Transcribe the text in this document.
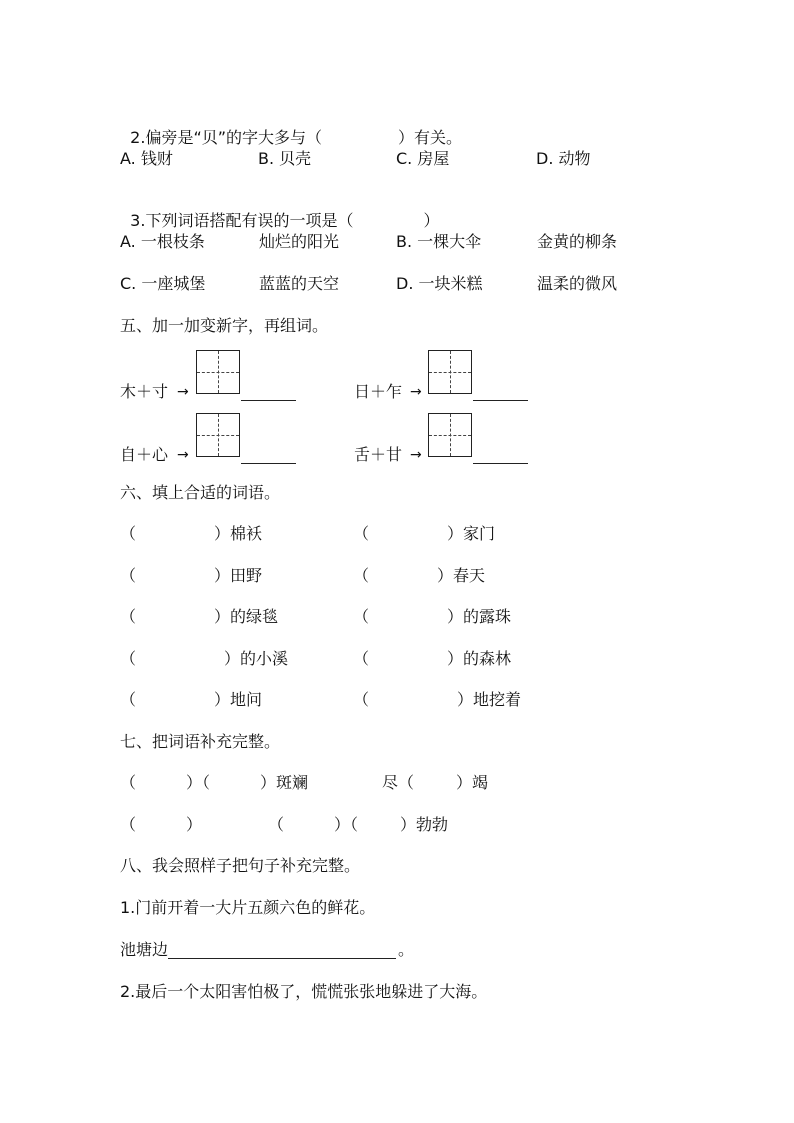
2.偏旁是“贝”的字大多与（	）有关。

A. 钱财	B. 贝壳	C. 房屋	D. 动物

3.下列词语搭配有误的一项是（	）

A. 一根枝条	灿烂的阳光	B. 一棵大伞	金黄的柳条
C. 一座城堡	蓝蓝的天空	D. 一块米糕	温柔的微风
五、加一加变新字，再组词。
木＋寸 →	日＋乍 →
自＋心 →	舌＋甘 →
六、填上合适的词语。
（	）棉袄	（	）家门
（	）田野	（	）春天
（	）的绿毯	（	）的露珠
（	）的小溪	（	）的森林
（	）地问	（	）地挖着
七、把词语补充完整。
（	）（	）斑斓	尽（	）竭
（	）	（	）（	）勃勃
八、我会照样子把句子补充完整。
1.门前开着一大片五颜六色的鲜花。
池塘边	。
2.最后一个太阳害怕极了，慌慌张张地躲进了大海。
